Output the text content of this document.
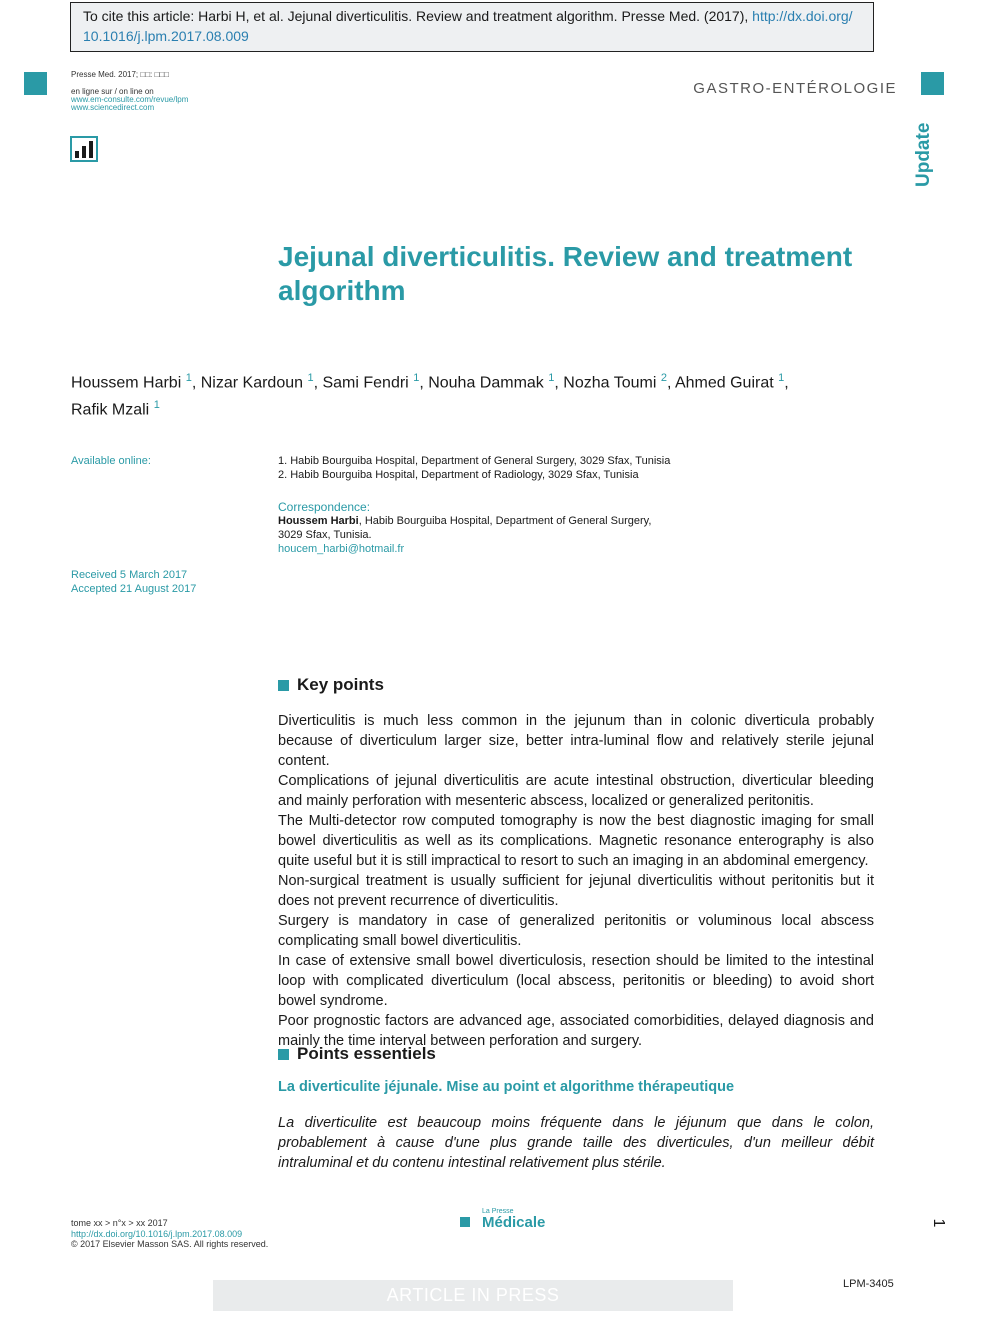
To cite this article: Harbi H, et al. Jejunal diverticulitis. Review and treatment algorithm. Presse Med. (2017), http://dx.doi.org/
10.1016/j.lpm.2017.08.009
Presse Med. 2017; □□: □□□
en ligne sur / on line on
www.em-consulte.com/revue/lpm
www.sciencedirect.com
GASTRO-ENTÉROLOGIE
Update
Jejunal diverticulitis. Review and treatment algorithm
Houssem Harbi $^1$, Nizar Kardoun $^1$, Sami Fendri $^1$, Nouha Dammak $^1$, Nozha Toumi $^2$, Ahmed Guirat $^1$,
Rafik Mzali $^1$
Available online:	1. Habib Bourguiba Hospital, Department of General Surgery, 3029 Sfax, Tunisia
2. Habib Bourguiba Hospital, Department of Radiology, 3029 Sfax, Tunisia
Correspondence:
Houssem Harbi, Habib Bourguiba Hospital, Department of General Surgery,
3029 Sfax, Tunisia.
houcem_harbi@hotmail.fr
Received 5 March 2017
Accepted 21 August 2017
Key points

Diverticulitis is much less common in the jejunum than in colonic diverticula probably because of diverticulum larger size, better intra-luminal flow and relatively sterile jejunal content.

Complications of jejunal diverticulitis are acute intestinal obstruction, diverticular bleeding and mainly perforation with mesenteric abscess, localized or generalized peritonitis.

The Multi-detector row computed tomography is now the best diagnostic imaging for small bowel diverticulitis as well as its complications. Magnetic resonance enterography is also quite useful but it is still impractical to resort to such an imaging in an abdominal emergency.

Non-surgical treatment is usually sufficient for jejunal diverticulitis without peritonitis but it does not prevent recurrence of diverticulitis.

Surgery is mandatory in case of generalized peritonitis or voluminous local abscess complicating small bowel diverticulitis.

In case of extensive small bowel diverticulosis, resection should be limited to the intestinal loop with complicated diverticulum (local abscess, peritonitis or bleeding) to avoid short bowel syndrome.

Poor prognostic factors are advanced age, associated comorbidities, delayed diagnosis and mainly the time interval between perforation and surgery.

Points essentiels
La diverticulite jéjunale. Mise au point et algorithme thérapeutique

La diverticulite est beaucoup moins fréquente dans le jéjunum que dans le colon, probablement à cause d'une plus grande taille des diverticules, d'un meilleur débit intraluminal et du contenu intestinal relativement plus stérile.

tome xx > n°x > xx 2017
http://dx.doi.org/10.1016/j.lpm.2017.08.009
© 2017 Elsevier Masson SAS. All rights reserved.
La Presse
Médicale	1
ARTICLE IN PRESS
LPM-3405
